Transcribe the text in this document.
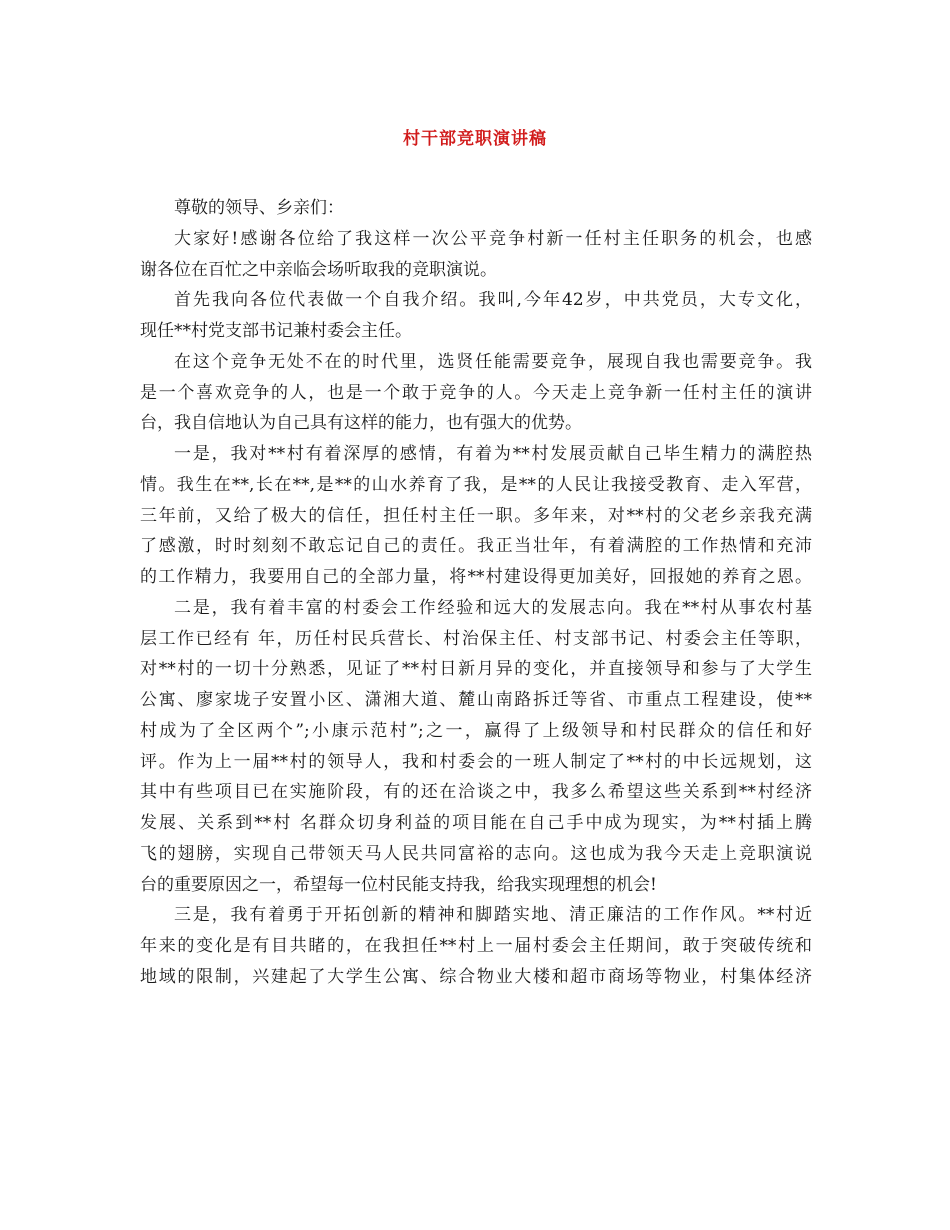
村干部竞职演讲稿
尊敬的领导、乡亲们：
大家好!感谢各位给了我这样一次公平竞争村新一任村主任职务的机会，也感
谢各位在百忙之中亲临会场听取我的竞职演说。
首先我向各位代表做一个自我介绍。我叫,今年42岁，中共党员，大专文化，
现任**村党支部书记兼村委会主任。
在这个竞争无处不在的时代里，选贤任能需要竞争，展现自我也需要竞争。我
是一个喜欢竞争的人，也是一个敢于竞争的人。今天走上竞争新一任村主任的演讲
台，我自信地认为自己具有这样的能力，也有强大的优势。
一是，我对**村有着深厚的感情，有着为**村发展贡献自己毕生精力的满腔热
情。我生在**,长在**,是**的山水养育了我，是**的人民让我接受教育、走入军营，
三年前，又给了极大的信任，担任村主任一职。多年来，对**村的父老乡亲我充满
了感激，时时刻刻不敢忘记自己的责任。我正当壮年，有着满腔的工作热情和充沛
的工作精力，我要用自己的全部力量，将**村建设得更加美好，回报她的养育之恩。
二是，我有着丰富的村委会工作经验和远大的发展志向。我在**村从事农村基
层工作已经有 年，历任村民兵营长、村治保主任、村支部书记、村委会主任等职，
对**村的一切十分熟悉，见证了**村日新月异的变化，并直接领导和参与了大学生
公寓、廖家垅子安置小区、潇湘大道、麓山南路拆迁等省、市重点工程建设，使**
村成为了全区两个”;小康示范村”;之一，赢得了上级领导和村民群众的信任和好
评。作为上一届**村的领导人，我和村委会的一班人制定了**村的中长远规划，这
其中有些项目已在实施阶段，有的还在洽谈之中，我多么希望这些关系到**村经济
发展、关系到**村 名群众切身利益的项目能在自己手中成为现实，为**村插上腾
飞的翅膀，实现自己带领天马人民共同富裕的志向。这也成为我今天走上竞职演说
台的重要原因之一，希望每一位村民能支持我，给我实现理想的机会!
三是，我有着勇于开拓创新的精神和脚踏实地、清正廉洁的工作作风。**村近
年来的变化是有目共睹的，在我担任**村上一届村委会主任期间，敢于突破传统和
地域的限制，兴建起了大学生公寓、综合物业大楼和超市商场等物业，村集体经济
